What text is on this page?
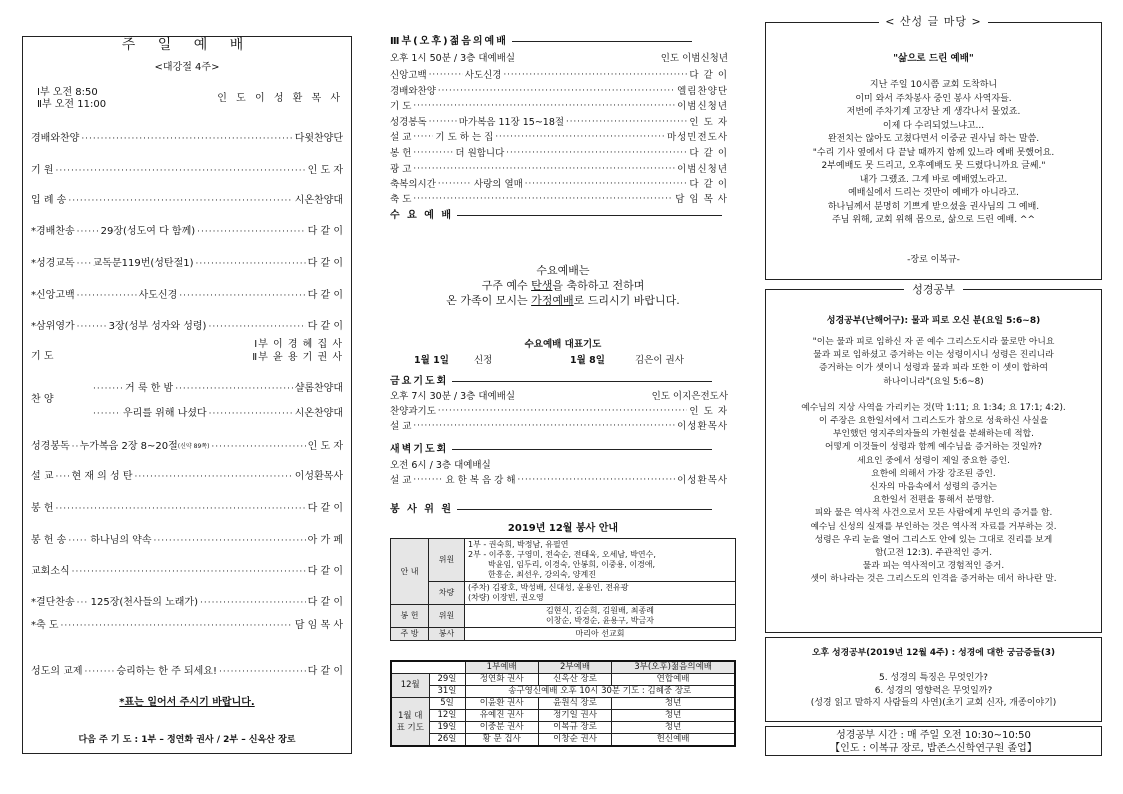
주 일 예 배
<대강절 4주>
Ⅰ부 오전 8:50
Ⅱ부 오전 11:00
인 도 이 성 환 목 사
경배와찬양 ·····	다윗찬양단
기 원 ·····	인 도 자
입 례 송 ·····	시온찬양대
*경배찬송 ·····	29장(성도여 다 함께) ·····	다 같 이
*성경교독 ····· 교독문119번(성탄절1) ·····	다 같 이
*신앙고백 ·····	사도신경 ·····	다 같 이
*삼위영가 ·····	3장(성부 성자와 성령) ·····	다 같 이
기 도
Ⅰ부 이 경 혜 집 사
Ⅱ부 윤 용 기 권 사
·····
거 룩 한 밤 ·····	샬롬찬양대
찬 양
·····
우리를 위해 나셨다 ·····	시온찬양대
성경봉독 ····· 누가복음 2장 8~20절 (신약 89쪽) ·····	인 도 자
설 교 ····· 현 재 의 성 탄 ·····	이성환목사
봉 헌 ·····	다 같 이
봉 헌 송 ····· 하나님의 약속 ·····	아 가 페
교회소식 ·····	다 같 이
*결단찬송 ····· 125장(천사들의 노래가) ·····	다 같 이
*축 도 ·····	담 임 목 사
성도의 교제 ·····	승리하는 한 주 되세요! ·····	다 같 이
*표는 일어서 주시기 바랍니다.
다음 주 기 도 : 1부 – 정연화 권사 / 2부 – 신옥산 장로
Ⅲ부(오후)젊음의예배
오후 1시 50분 / 3층 대예배실	인도 이범신청년
신앙고백 ·····	사도신경 ·····	다 같 이
경배와찬양 ·····	엘림찬양단
기 도 ·····	이범신청년
성경봉독 ·····	마가복음 11장 15~18절 ·····	인 도 자
설 교 ·····	기 도 하 는 집 ·····	마성민전도사
봉 헌 ·····	더 원합니다 ·····	다 같 이
광 고 ·····	이범신청년
축복의시간 ·····	사랑의 열매 ·····	다 같 이
축 도 ·····	담 임 목 사
수 요 예 배
수요예배는
구주 예수 탄생을 축하하고 전하며
온 가족이 모시는 가정예배로 드리시기 바랍니다.
수요예배 대표기도
1월 1일	신정	1월 8일	김은이 권사
금요기도회
오후 7시 30분 / 3층 대예배실	인도 이지은전도사
찬양과기도 ·····	인 도 자
설 교 ·····	이성환목사
새벽기도회
오전 6시 / 3층 대예배실
설 교 ·····	요 한 복 음 강 해 ·····	이성환목사
봉 사 위 원
2019년 12월 봉사 안내
안 내	위원	1부 - 권숙희, 박정남, 유필연
2부 - 이주홍, 구영미, 전숙순, 전태욱, 오세남, 박연수,
박윤임, 임두리, 이경숙, 안봉희, 이중용, 이경애,
한흥순, 최선우, 강의숙, 양계진

	차량	(주차) 김광호, 박성배, 신대성, 윤용인, 전유광
(차량) 이장빈, 권오영

봉 헌	위원	김현식, 김순희, 김원배, 최종례
이창순, 박경순, 윤용구, 박금자

주 방	봉사	마리아 선교회
		1부예배	2부예배	3부(오후)젊음의예배
12월	29일	정연화 권사	신옥산 장로	연합예배
	31일	송구영신예배 오후 10시 30분 기도 : 김혜중 장로		
1월 대표 기도	5일	이윤환 권사	윤원식 장로	청년
	12일	유예진 권사	정기일 권사	청년
	19일	이중분 권사	이복규 장로	청년
	26일	황 문 집사	이창순 권사	헌신예배
< 산성 글 마당 >
"삶으로 드린 예배"
지난 주일 10시쯤 교회 도착하니
이미 와서 주차봉사 중인 봉사 사역자들.
저번에 주차기계 고장난 게 생각나서 물었죠.
이제 다 수리되었느냐고...
완전치는 않아도 고쳤다면서 이중균 권사님 하는 말씀.
"수리 기사 옆에서 다 끝날 때까지 함께 있느라 예배 못했어요.
2부예배도 못 드리고, 오후예배도 못 드렸다니까요 글쎄."
내가 그랬죠. 그게 바로 예배였노라고.
예배실에서 드리는 것만이 예배가 아니라고.
하나님께서 분명히 기쁘게 받으셨을 권사님의 그 예배.
주님 위해, 교회 위해 몸으로, 삶으로 드린 예배. ^^
-장로 이복규-
성경공부
성경공부(난해어구): 물과 피로 오신 분(요일 5:6~8)
"이는 물과 피로 임하신 자 곧 예수 그리스도시라 물로만 아니요
물과 피로 임하셨고 증거하는 이는 성령이시니 성령은 진리니라
증거하는 이가 셋이니 성령과 물과 피라 또한 이 셋이 합하여
하나이니라"(요일 5:6~8)
예수님의 지상 사역을 가리키는 것(막 1:11; 요 1:34; 요 17:1; 4:2).
이 주장은 요한일서에서 그리스도가 참으로 성육하신 사실을
부인했던 영지주의자들의 가현설을 분쇄하는데 적합.
어떻게 이것들이 성령과 함께 예수님을 증거하는 것일까?
세요인 중에서 성령이 제일 중요한 증인.
요한에 의해서 가장 강조된 증인.
신자의 마음속에서 성령의 증거는
요한일서 전편을 통해서 분명함.
피와 물은 역사적 사건으로서 모든 사람에게 부인의 증거를 함.
예수님 신성의 실재를 부인하는 것은 역사적 자료를 거부하는 것.
성령은 우리 눈을 열어 그리스도 안에 있는 그대로 진리를 보게
함(고전 12:3). 주관적인 증거.
물과 피는 역사적이고 경험적인 증거.
셋이 하나라는 것은 그리스도의 인격을 증거하는 데서 하나란 말.
오후 성경공부(2019년 12월 4주) : 성경에 대한 궁금증들(3)
5. 성경의 특징은 무엇인가?
6. 성경의 영향력은 무엇일까?
(성경 읽고 말하지 사람들의 사연)(초기 교회 신자, 개종이야기)
성경공부 시간 : 매 주일 오전 10:30~10:50
【인도 : 이복규 장로, 밥존스신학연구원 졸업】
